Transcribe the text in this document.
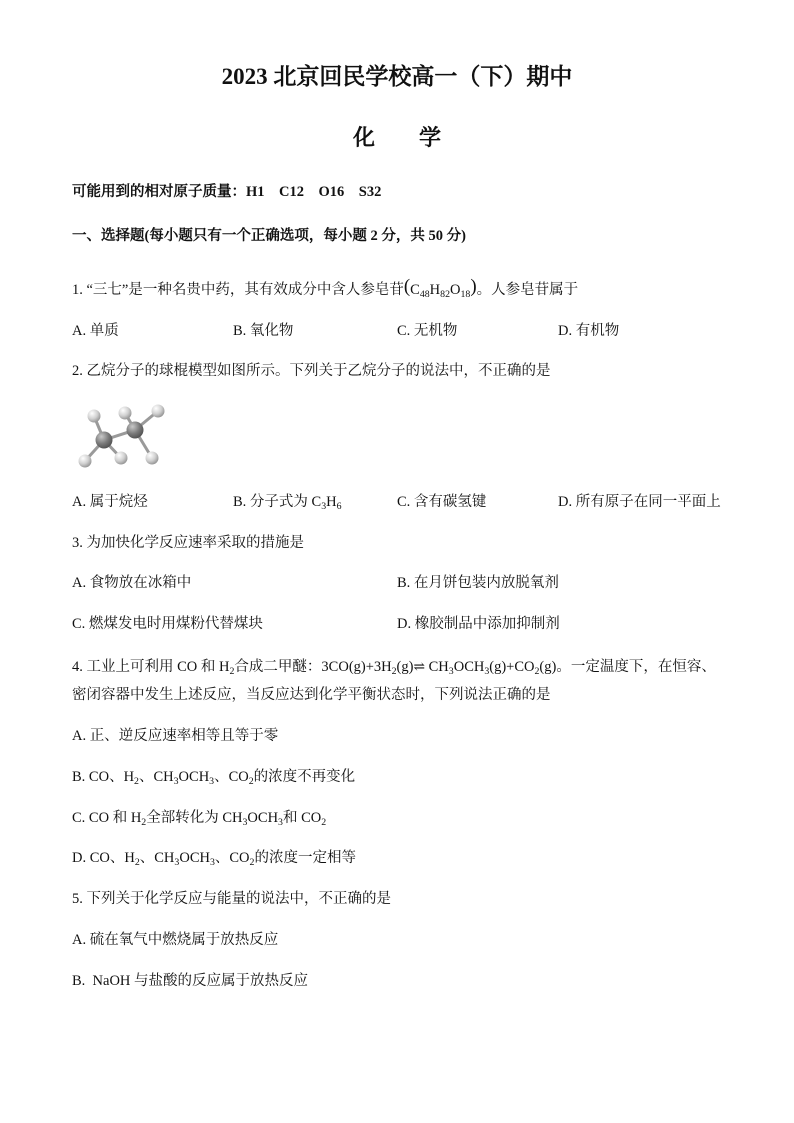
2023 北京回民学校高一（下）期中
化　　学
可能用到的相对原子质量：H1　C12　O16　S32
一、选择题(每小题只有一个正确选项，每小题 2 分，共 50 分)
1. “三七”是一种名贵中药，其有效成分中含人参皂苷$(C_{48}H_{82}O_{18})$。人参皂苷属于
A. 单质	B. 氧化物	C. 无机物	D. 有机物
2. 乙烷分子的球棍模型如图所示。下列关于乙烷分子的说法中，不正确的是
A. 属于烷烃	B. 分子式为 $C_3H_6$	C. 含有碳氢键	D. 所有原子在同一平面上
3. 为加快化学反应速率采取的措施是
A. 食物放在冰箱中	B. 在月饼包装内放脱氧剂
C. 燃煤发电时用煤粉代替煤块	D. 橡胶制品中添加抑制剂
4. 工业上可利用 CO 和 $H_2$合成二甲醚：$3CO(g)+3H_2(g)\rightleftharpoons$ $CH_3OCH_3(g)+CO_2(g)$。一定温度下，在恒容、
密闭容器中发生上述反应，当反应达到化学平衡状态时，下列说法正确的是
A. 正、逆反应速率相等且等于零
B. CO、$H_2$、$CH_3OCH_3$、$CO_2$的浓度不再变化
C. CO 和 $H_2$全部转化为 $CH_3OCH_3$和 $CO_2$
D. CO、$H_2$、$CH_3OCH_3$、$CO_2$的浓度一定相等
5. 下列关于化学反应与能量的说法中，不正确的是
A. 硫在氧气中燃烧属于放热反应
B.  NaOH 与盐酸的反应属于放热反应
